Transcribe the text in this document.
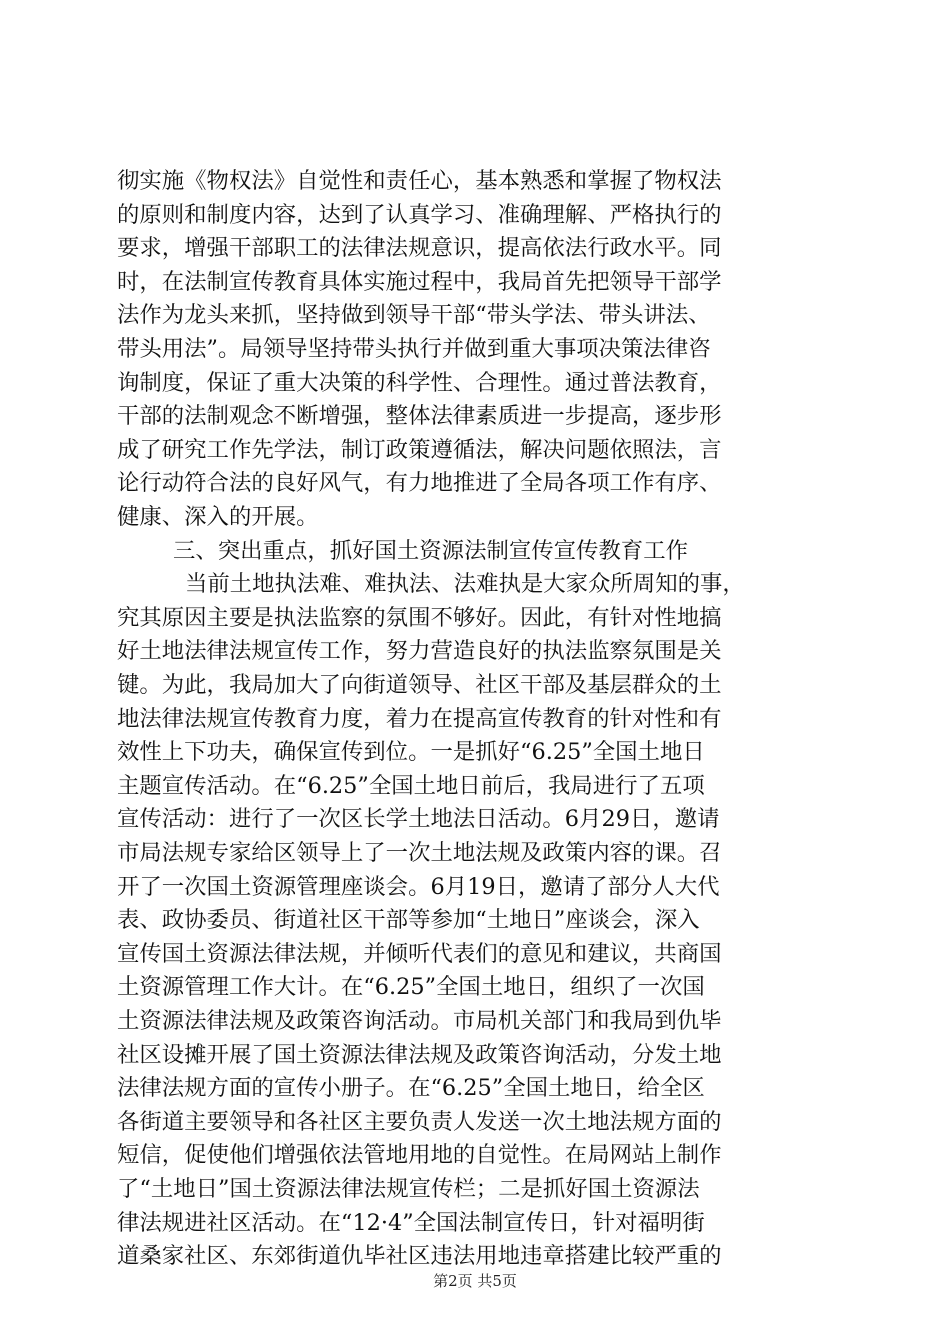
彻实施《物权法》自觉性和责任心，基本熟悉和掌握了物权法
的原则和制度内容，达到了认真学习、准确理解、严格执行的
要求，增强干部职工的法律法规意识，提高依法行政水平。同
时，在法制宣传教育具体实施过程中，我局首先把领导干部学
法作为龙头来抓，坚持做到领导干部“带头学法、带头讲法、
带头用法”。局领导坚持带头执行并做到重大事项决策法律咨
询制度，保证了重大决策的科学性、合理性。通过普法教育，
干部的法制观念不断增强，整体法律素质进一步提高，逐步形
成了研究工作先学法，制订政策遵循法，解决问题依照法，言
论行动符合法的良好风气，有力地推进了全局各项工作有序、
健康、深入的开展。
三、突出重点，抓好国土资源法制宣传宣传教育工作
当前土地执法难、难执法、法难执是大家众所周知的事，
究其原因主要是执法监察的氛围不够好。因此，有针对性地搞
好土地法律法规宣传工作，努力营造良好的执法监察氛围是关
键。为此，我局加大了向街道领导、社区干部及基层群众的土
地法律法规宣传教育力度，着力在提高宣传教育的针对性和有
效性上下功夫，确保宣传到位。一是抓好“6.25”全国土地日
主题宣传活动。在“6.25”全国土地日前后，我局进行了五项
宣传活动：进行了一次区长学土地法日活动。6月29日，邀请
市局法规专家给区领导上了一次土地法规及政策内容的课。召
开了一次国土资源管理座谈会。6月19日，邀请了部分人大代
表、政协委员、街道社区干部等参加“土地日”座谈会，深入
宣传国土资源法律法规，并倾听代表们的意见和建议，共商国
土资源管理工作大计。在“6.25”全国土地日，组织了一次国
土资源法律法规及政策咨询活动。市局机关部门和我局到仇毕
社区设摊开展了国土资源法律法规及政策咨询活动，分发土地
法律法规方面的宣传小册子。在“6.25”全国土地日，给全区
各街道主要领导和各社区主要负责人发送一次土地法规方面的
短信，促使他们增强依法管地用地的自觉性。在局网站上制作
了“土地日”国土资源法律法规宣传栏；二是抓好国土资源法
律法规进社区活动。在“12·4”全国法制宣传日，针对福明街
道桑家社区、东郊街道仇毕社区违法用地违章搭建比较严重的
第2页 共5页
